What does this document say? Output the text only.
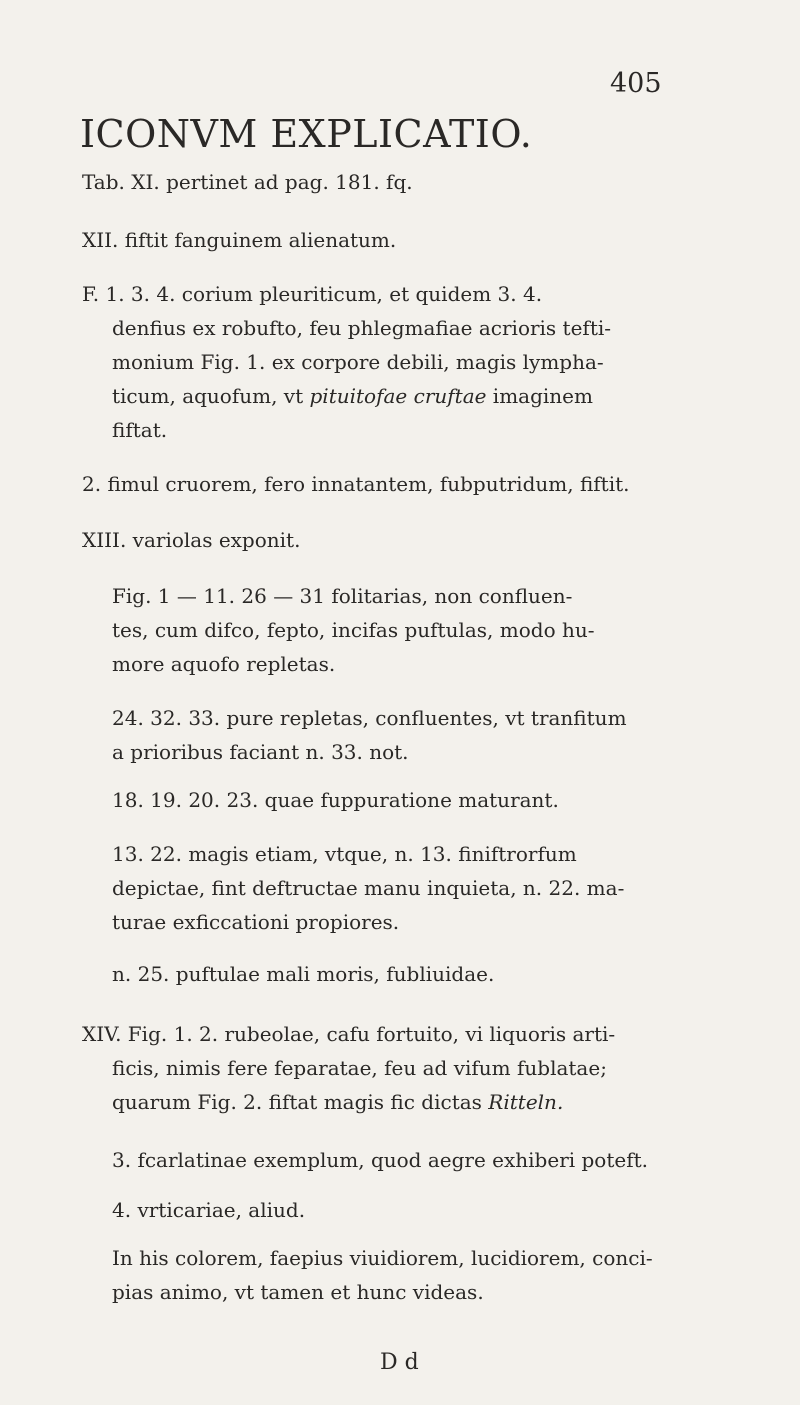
405
ICONVM EXPLICATIO.
Tab. XI. pertinet ad pag. 181. fq.
XII. fiftit fanguinem alienatum.
F. 1. 3. 4. corium pleuriticum, et quidem 3. 4.
denfius ex robufto, feu phlegmafiae acrioris tefti-
monium Fig. 1. ex corpore debili, magis lympha-
ticum, aquofum, vt pituitofae cruftae imaginem
fiftat.
2. fimul cruorem, fero innatantem, fubputridum, fiftit.
XIII. variolas exponit.
Fig. 1 — 11. 26 — 31 folitarias, non confluen-
tes, cum difco, fepto, incifas puftulas, modo hu-
more aquofo repletas.
24. 32. 33. pure repletas, confluentes, vt tranfitum
a prioribus faciant n. 33. not.
18. 19. 20. 23. quae fuppuratione maturant.
13. 22. magis etiam, vtque, n. 13. finiftrorfum
depictae, fint deftructae manu inquieta, n. 22. ma-
turae exficcationi propiores.
n. 25. puftulae mali moris, fubliuidae.
XIV. Fig. 1. 2. rubeolae, cafu fortuito, vi liquoris arti-
ficis, nimis fere feparatae, feu ad vifum fublatae;
quarum Fig. 2. fiftat magis fic dictas Ritteln.
3. fcarlatinae exemplum, quod aegre exhiberi poteft.
4. vrticariae, aliud.
In his colorem, faepius viuidiorem, lucidiorem, conci-
pias animo, vt tamen et hunc videas.
D d
